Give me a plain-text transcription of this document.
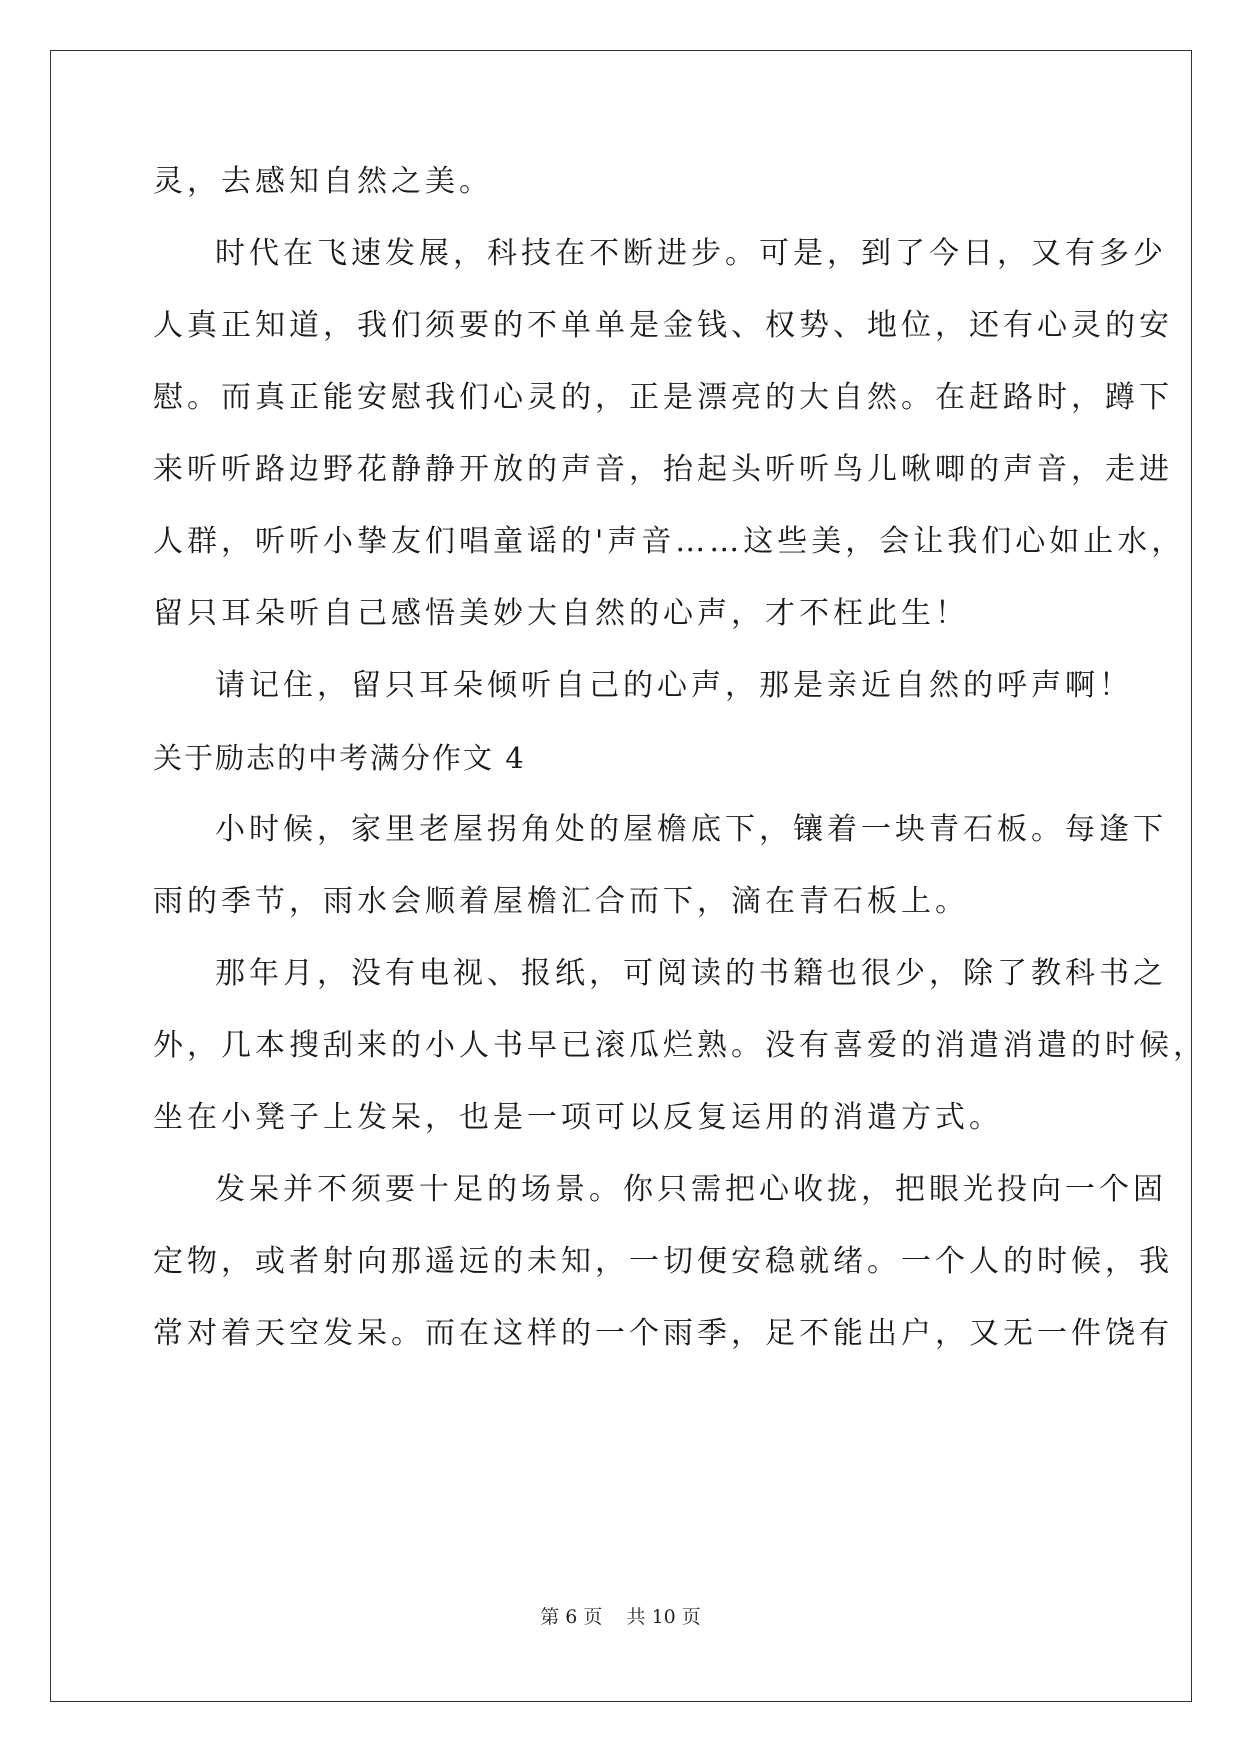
灵，去感知自然之美。
时代在飞速发展，科技在不断进步。可是，到了今日，又有多少
人真正知道，我们须要的不单单是金钱、权势、地位，还有心灵的安
慰。而真正能安慰我们心灵的，正是漂亮的大自然。在赶路时，蹲下
来听听路边野花静静开放的声音，抬起头听听鸟儿啾唧的声音，走进
人群，听听小挚友们唱童谣的'声音……这些美，会让我们心如止水，
留只耳朵听自己感悟美妙大自然的心声，才不枉此生！
请记住，留只耳朵倾听自己的心声，那是亲近自然的呼声啊！
关于励志的中考满分作文 4
小时候，家里老屋拐角处的屋檐底下，镶着一块青石板。每逢下
雨的季节，雨水会顺着屋檐汇合而下，滴在青石板上。
那年月，没有电视、报纸，可阅读的书籍也很少，除了教科书之
外，几本搜刮来的小人书早已滚瓜烂熟。没有喜爱的消遣消遣的时候，
坐在小凳子上发呆，也是一项可以反复运用的消遣方式。
发呆并不须要十足的场景。你只需把心收拢，把眼光投向一个固
定物，或者射向那遥远的未知，一切便安稳就绪。一个人的时候，我
常对着天空发呆。而在这样的一个雨季，足不能出户，又无一件饶有
第 6 页    共 10 页
